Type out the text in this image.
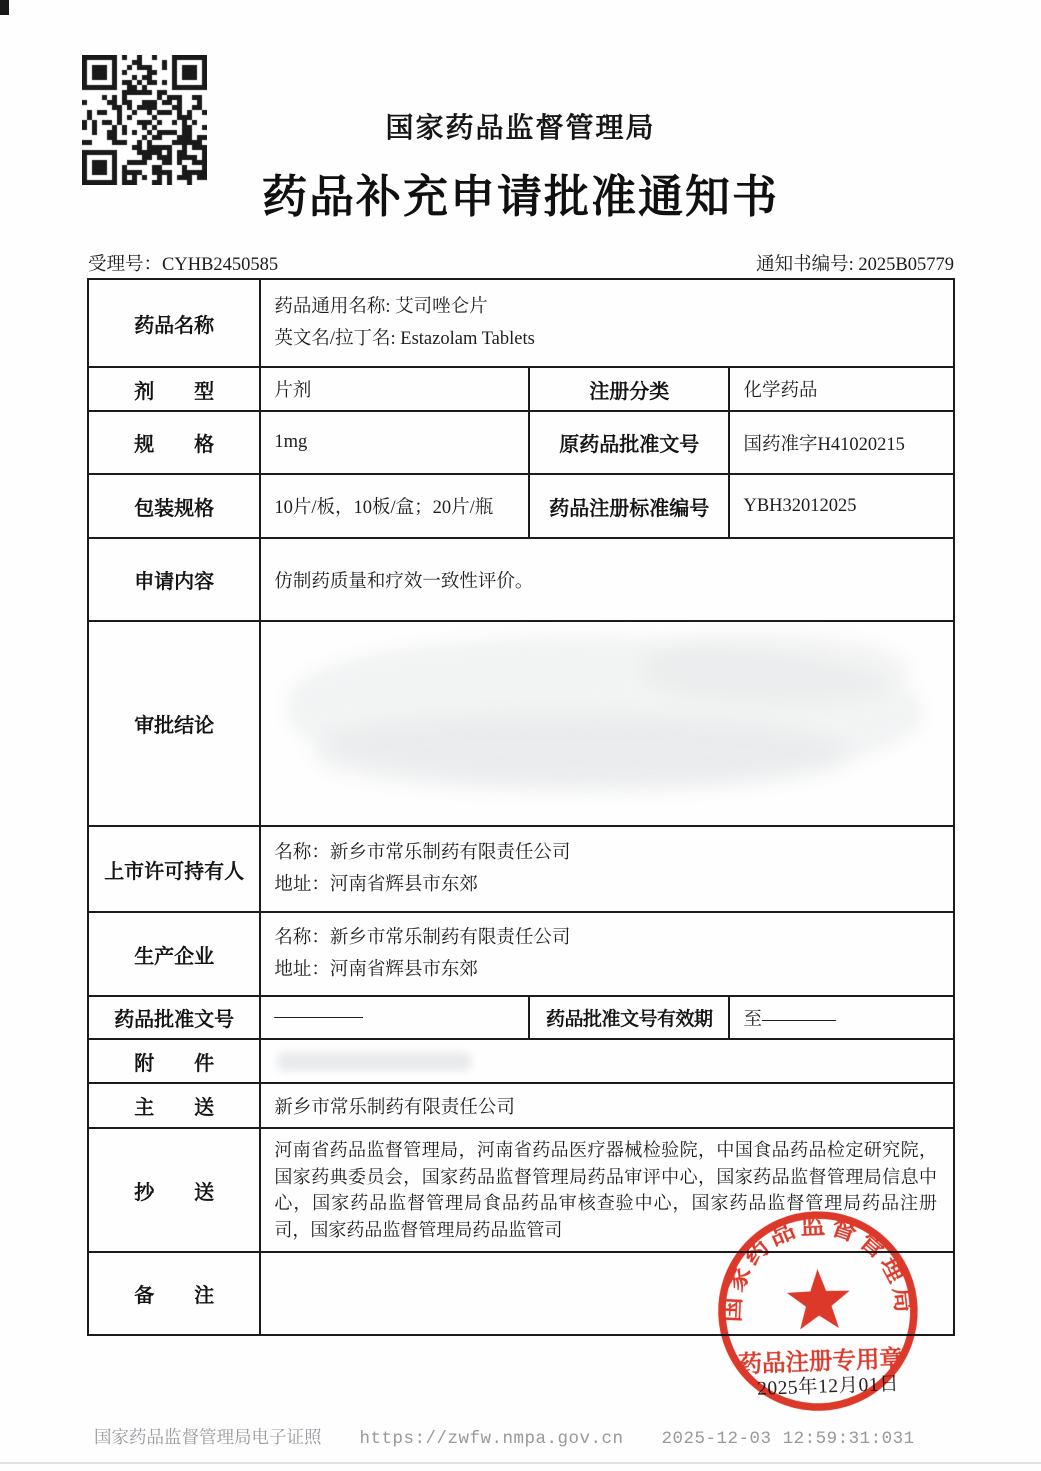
国家药品监督管理局
药品补充申请批准通知书
受理号：CYHB2450585	通知书编号: 2025B05779
药品名称	药品通用名称: 艾司唑仑片
英文名/拉丁名: Estazolam Tablets		

剂　　型	片剂	注册分类	化学药品
规　　格	1mg	原药品批准文号	国药准字H41020215
包装规格	10片/板，10板/盒；20片/瓶	药品注册标准编号	YBH32012025
申请内容	仿制药质量和疗效一致性评价。		
审批结论			

上市许可持有人	名称：新乡市常乐制药有限责任公司
地址：河南省辉县市东郊		

生产企业	名称：新乡市常乐制药有限责任公司
地址：河南省辉县市东郊		

药品批准文号	—————	药品批准文号有效期	至————
附　　件			

主　　送	新乡市常乐制药有限责任公司		
抄　　送	河南省药品监督管理局，河南省药品医疗器械检验院，中国食品药品检定研究院，国家药典委员会，国家药品监督管理局药品审评中心，国家药品监督管理局信息中心，国家药品监督管理局食品药品审核查验中心，国家药品监督管理局药品注册司，国家药品监督管理局药品监管司		
备　　注			
2025年12月01日
国家药品监督管理局
药品注册专用章
国家药品监督管理局电子证照 https://zwfw.nmpa.gov.cn 2025-12-03 12:59:31:031
